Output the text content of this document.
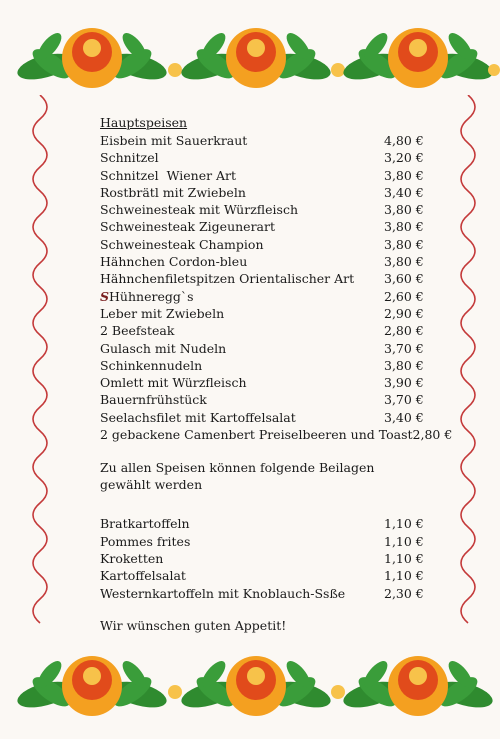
Hauptspeisen
Eisbein mit Sauerkraut	4,80 €
Schnitzel	3,20 €
Schnitzel  Wiener Art	3,80 €
Rostbrätl mit Zwiebeln	3,40 €
Schweinesteak mit Würzfleisch	3,80 €
Schweinesteak Zigeunerart	3,80 €
Schweinesteak Champion	3,80 €
Hähnchen Cordon-bleu	3,80 €
Hähnchenfiletspitzen Orientalischer Art 3,60 €
SHühneregg`s	2,60 €
Leber mit Zwiebeln	2,90 €
2 Beefsteak	2,80 €
Gulasch mit Nudeln	3,70 €
Schinkennudeln	3,80 €
Omlett mit Würzfleisch	3,90 €
Bauernfrühstück	3,70 €
Seelachsfilet mit Kartoffelsalat	3,40 €
2 gebackene Camenbert Preiselbeeren und Toast 2,80 €
Zu allen Speisen können folgende Beilagen gewählt werden
Bratkartoffeln	1,10 €
Pommes frites	1,10 €
Kroketten	1,10 €
Kartoffelsalat	1,10 €
Westernkartoffeln mit Knoblauch-Ssße	2,30 €
Wir wünschen guten Appetit!
